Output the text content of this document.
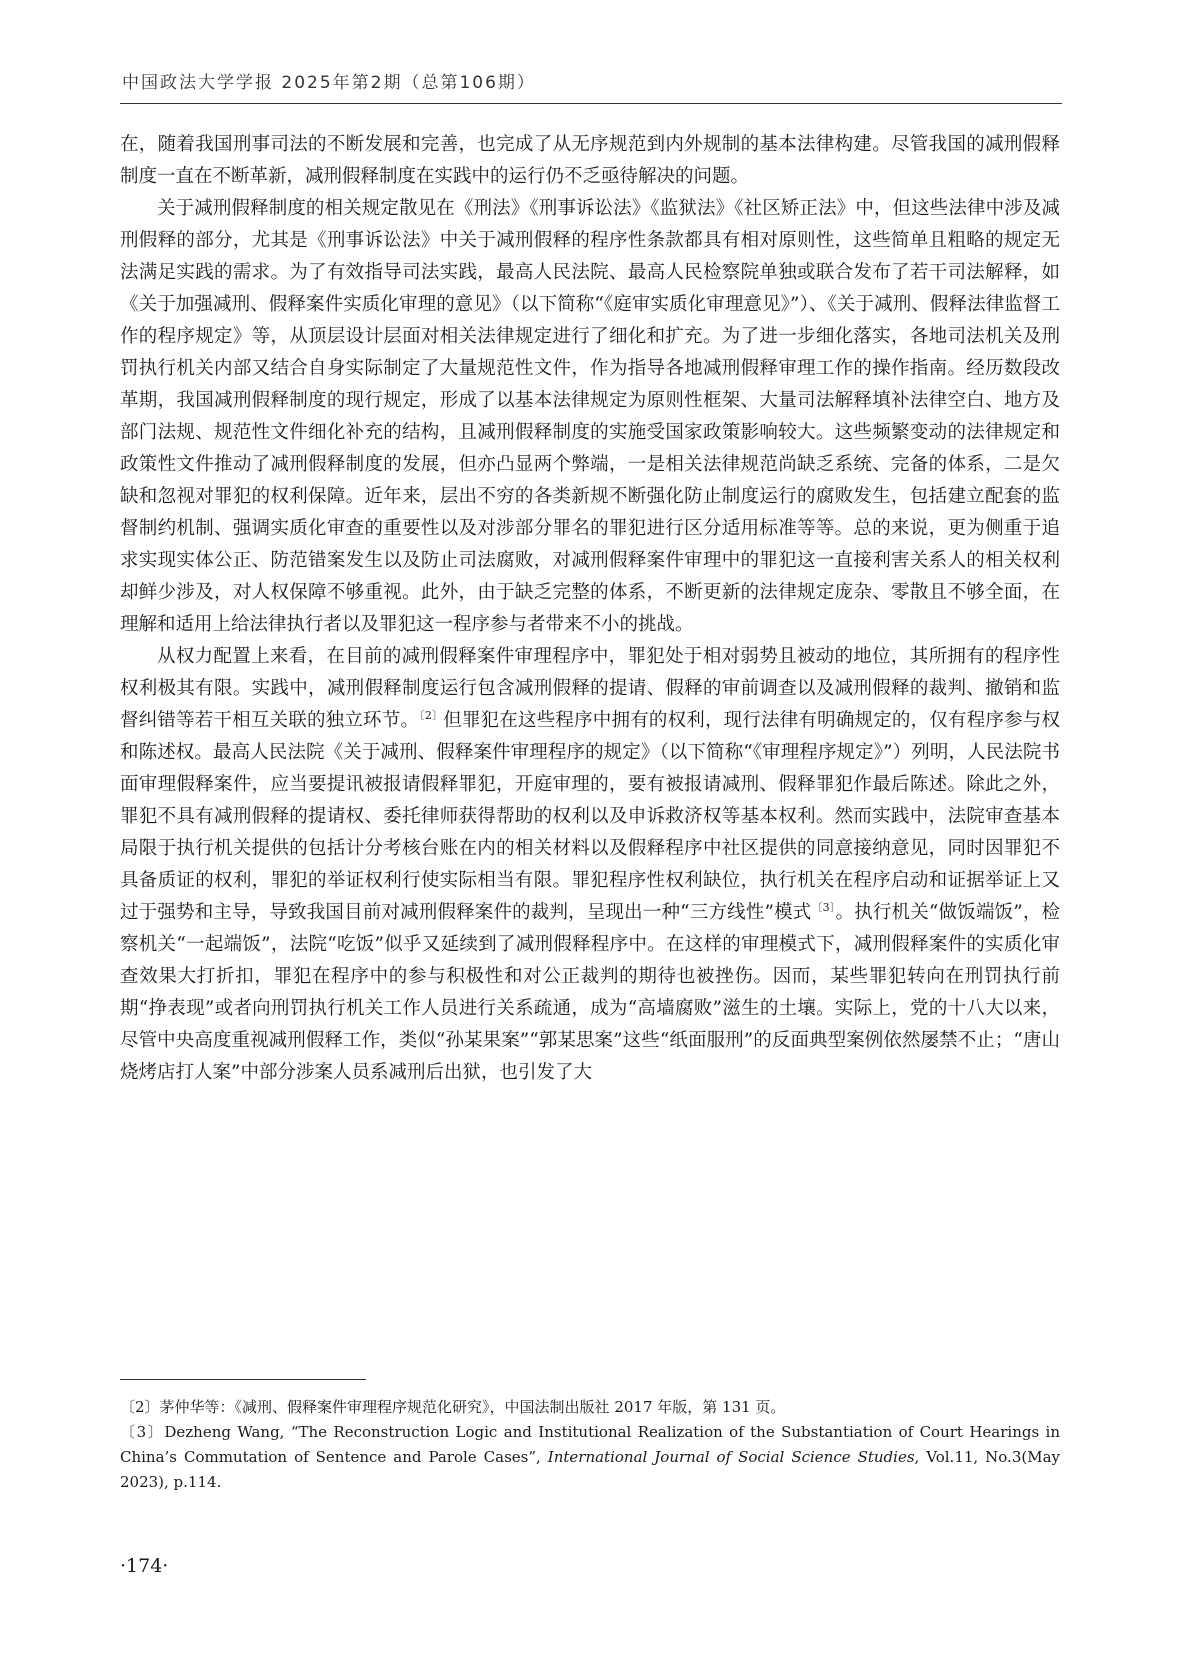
中国政法大学学报 2025年第2期（总第106期）

在，随着我国刑事司法的不断发展和完善，也完成了从无序规范到内外规制的基本法律构建。尽管我国的减刑假释制度一直在不断革新，减刑假释制度在实践中的运行仍不乏亟待解决的问题。

关于减刑假释制度的相关规定散见在《刑法》《刑事诉讼法》《监狱法》《社区矫正法》中，但这些法律中涉及减刑假释的部分，尤其是《刑事诉讼法》中关于减刑假释的程序性条款都具有相对原则性，这些简单且粗略的规定无法满足实践的需求。为了有效指导司法实践，最高人民法院、最高人民检察院单独或联合发布了若干司法解释，如《关于加强减刑、假释案件实质化审理的意见》（以下简称“《庭审实质化审理意见》”）、《关于减刑、假释法律监督工作的程序规定》等，从顶层设计层面对相关法律规定进行了细化和扩充。为了进一步细化落实，各地司法机关及刑罚执行机关内部又结合自身实际制定了大量规范性文件，作为指导各地减刑假释审理工作的操作指南。经历数段改革期，我国减刑假释制度的现行规定，形成了以基本法律规定为原则性框架、大量司法解释填补法律空白、地方及部门法规、规范性文件细化补充的结构，且减刑假释制度的实施受国家政策影响较大。这些频繁变动的法律规定和政策性文件推动了减刑假释制度的发展，但亦凸显两个弊端，一是相关法律规范尚缺乏系统、完备的体系，二是欠缺和忽视对罪犯的权利保障。近年来，层出不穷的各类新规不断强化防止制度运行的腐败发生，包括建立配套的监督制约机制、强调实质化审查的重要性以及对涉部分罪名的罪犯进行区分适用标准等等。总的来说，更为侧重于追求实现实体公正、防范错案发生以及防止司法腐败，对减刑假释案件审理中的罪犯这一直接利害关系人的相关权利却鲜少涉及，对人权保障不够重视。此外，由于缺乏完整的体系，不断更新的法律规定庞杂、零散且不够全面，在理解和适用上给法律执行者以及罪犯这一程序参与者带来不小的挑战。

从权力配置上来看，在目前的减刑假释案件审理程序中，罪犯处于相对弱势且被动的地位，其所拥有的程序性权利极其有限。实践中，减刑假释制度运行包含减刑假释的提请、假释的审前调查以及减刑假释的裁判、撤销和监督纠错等若干相互关联的独立环节。$^{〔2〕}$但罪犯在这些程序中拥有的权利，现行法律有明确规定的，仅有程序参与权和陈述权。最高人民法院《关于减刑、假释案件审理程序的规定》（以下简称“《审理程序规定》”）列明，人民法院书面审理假释案件，应当要提讯被报请假释罪犯，开庭审理的，要有被报请减刑、假释罪犯作最后陈述。除此之外，罪犯不具有减刑假释的提请权、委托律师获得帮助的权利以及申诉救济权等基本权利。然而实践中，法院审查基本局限于执行机关提供的包括计分考核台账在内的相关材料以及假释程序中社区提供的同意接纳意见，同时因罪犯不具备质证的权利，罪犯的举证权利行使实际相当有限。罪犯程序性权利缺位，执行机关在程序启动和证据举证上又过于强势和主导，导致我国目前对减刑假释案件的裁判，呈现出一种“三方线性”模式$^{〔3〕}$。执行机关“做饭端饭”，检察机关“一起端饭”，法院“吃饭”似乎又延续到了减刑假释程序中。在这样的审理模式下，减刑假释案件的实质化审查效果大打折扣，罪犯在程序中的参与积极性和对公正裁判的期待也被挫伤。因而，某些罪犯转向在刑罚执行前期“挣表现”或者向刑罚执行机关工作人员进行关系疏通，成为“高墙腐败”滋生的土壤。实际上，党的十八大以来，尽管中央高度重视减刑假释工作，类似“孙某果案”“郭某思案”这些“纸面服刑”的反面典型案例依然屡禁不止；“唐山烧烤店打人案”中部分涉案人员系减刑后出狱，也引发了大

〔2〕茅仲华等：《减刑、假释案件审理程序规范化研究》，中国法制出版社 2017 年版，第 131 页。

〔3〕Dezheng Wang, “The Reconstruction Logic and Institutional Realization of the Substantiation of Court Hearings in China’s Commutation of Sentence and Parole Cases”, International Journal of Social Science Studies, Vol.11, No.3(May 2023), p.114.

·174·
